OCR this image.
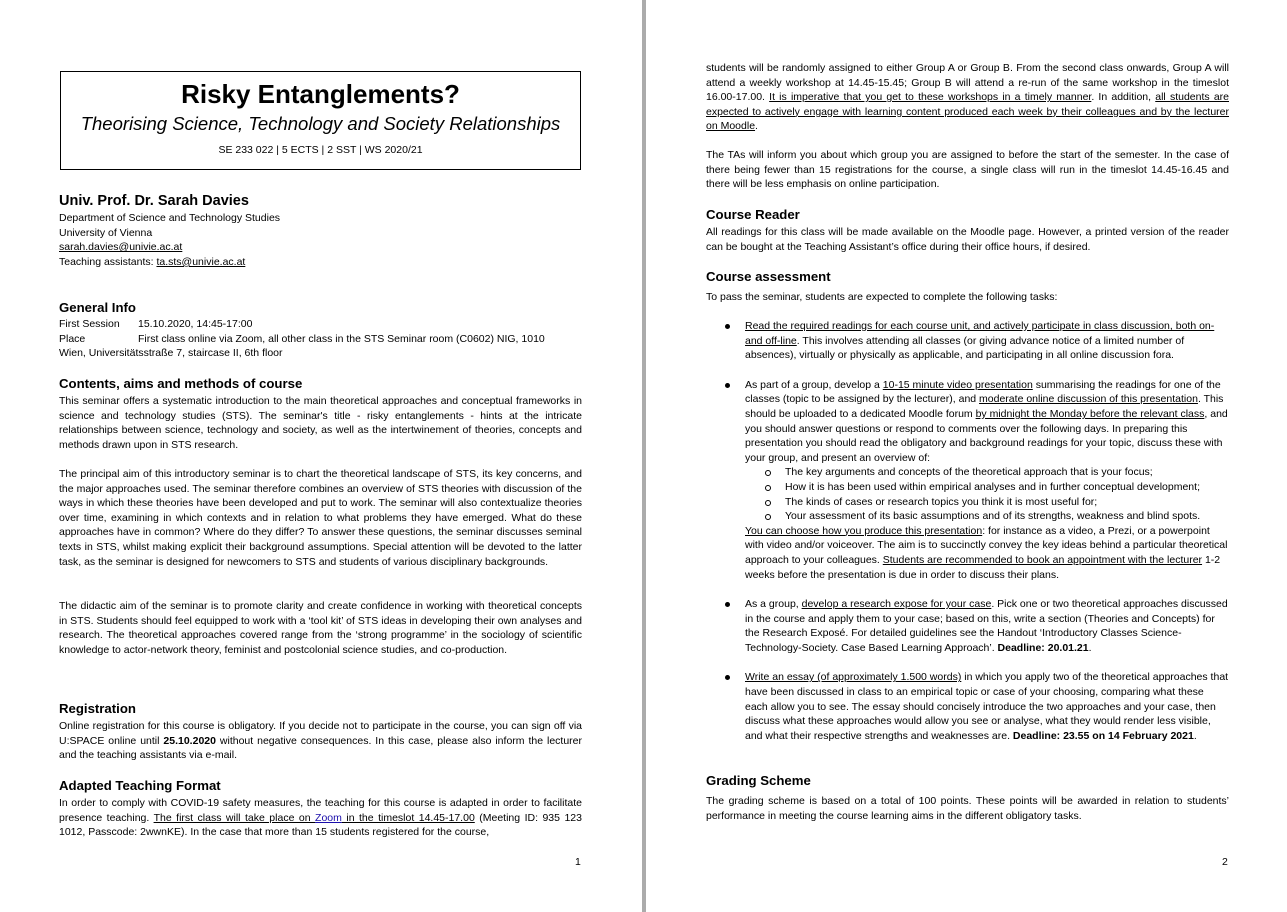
Risky Entanglements?
Theorising Science, Technology and Society Relationships
SE 233 022 | 5 ECTS | 2 SST | WS 2020/21
Univ. Prof. Dr. Sarah Davies
Department of Science and Technology Studies
University of Vienna
sarah.davies@univie.ac.at
Teaching assistants: ta.sts@univie.ac.at
General Info
First Session 15.10.2020, 14:45-17:00
Place	First class online via Zoom, all other class in the STS Seminar room (C0602) NIG, 1010
Wien, Universitätsstraße 7, staircase II, 6th floor
Contents, aims and methods of course
This seminar offers a systematic introduction to the main theoretical approaches and conceptual frameworks in science and technology studies (STS). The seminar's title - risky entanglements - hints at the intricate relationships between science, technology and society, as well as the intertwinement of theories, concepts and methods drawn upon in STS research.
The principal aim of this introductory seminar is to chart the theoretical landscape of STS, its key concerns, and the major approaches used. The seminar therefore combines an overview of STS theories with discussion of the ways in which these theories have been developed and put to work. The seminar will also contextualize theories over time, examining in which contexts and in relation to what problems they have emerged. What do these approaches have in common? Where do they differ? To answer these questions, the seminar discusses seminal texts in STS, whilst making explicit their background assumptions. Special attention will be devoted to the latter task, as the seminar is designed for newcomers to STS and students of various disciplinary backgrounds.
The didactic aim of the seminar is to promote clarity and create confidence in working with theoretical concepts in STS. Students should feel equipped to work with a ‘tool kit’ of STS ideas in developing their own analyses and research. The theoretical approaches covered range from the ‘strong programme’ in the sociology of scientific knowledge to actor-network theory, feminist and postcolonial science studies, and co-production.
Registration
Online registration for this course is obligatory. If you decide not to participate in the course, you can sign off via U:SPACE online until 25.10.2020 without negative consequences. In this case, please also inform the lecturer and the teaching assistants via e-mail.
Adapted Teaching Format
In order to comply with COVID-19 safety measures, the teaching for this course is adapted in order to facilitate presence teaching. The first class will take place on Zoom in the timeslot 14.45-17.00 (Meeting ID: 935 123 1012, Passcode: 2wwnKE). In the case that more than 15 students registered for the course,
1
students will be randomly assigned to either Group A or Group B. From the second class onwards, Group A will attend a weekly workshop at 14.45-15.45; Group B will attend a re-run of the same workshop in the timeslot 16.00-17.00. It is imperative that you get to these workshops in a timely manner. In addition, all students are expected to actively engage with learning content produced each week by their colleagues and by the lecturer on Moodle.
The TAs will inform you about which group you are assigned to before the start of the semester. In the case of there being fewer than 15 registrations for the course, a single class will run in the timeslot 14.45-16.45 and there will be less emphasis on online participation.
Course Reader
All readings for this class will be made available on the Moodle page. However, a printed version of the reader can be bought at the Teaching Assistant’s office during their office hours, if desired.
Course assessment
To pass the seminar, students are expected to complete the following tasks:
Read the required readings for each course unit, and actively participate in class discussion, both on- and off-line. This involves attending all classes (or giving advance notice of a limited number of absences), virtually or physically as applicable, and participating in all online discussion fora.
As part of a group, develop a 10-15 minute video presentation summarising the readings for one of the classes (topic to be assigned by the lecturer), and moderate online discussion of this presentation. This should be uploaded to a dedicated Moodle forum by midnight the Monday before the relevant class, and you should answer questions or respond to comments over the following days. In preparing this presentation you should read the obligatory and background readings for your topic, discuss these with your group, and present an overview of:
The key arguments and concepts of the theoretical approach that is your focus;
How it is has been used within empirical analyses and in further conceptual development;
The kinds of cases or research topics you think it is most useful for;
Your assessment of its basic assumptions and of its strengths, weakness and blind spots.
You can choose how you produce this presentation: for instance as a video, a Prezi, or a powerpoint with video and/or voiceover. The aim is to succinctly convey the key ideas behind a particular theoretical approach to your colleagues. Students are recommended to book an appointment with the lecturer 1-2 weeks before the presentation is due in order to discuss their plans.
As a group, develop a research expose for your case. Pick one or two theoretical approaches discussed in the course and apply them to your case; based on this, write a section (Theories and Concepts) for the Research Exposé. For detailed guidelines see the Handout ‘Introductory Classes Science-Technology-Society. Case Based Learning Approach’. Deadline: 20.01.21.
Write an essay (of approximately 1.500 words) in which you apply two of the theoretical approaches that have been discussed in class to an empirical topic or case of your choosing, comparing what these each allow you to see. The essay should concisely introduce the two approaches and your case, then discuss what these approaches would allow you see or analyse, what they would render less visible, and what their respective strengths and weaknesses are. Deadline: 23.55 on 14 February 2021.
Grading Scheme
The grading scheme is based on a total of 100 points. These points will be awarded in relation to students’ performance in meeting the course learning aims in the different obligatory tasks.
2
